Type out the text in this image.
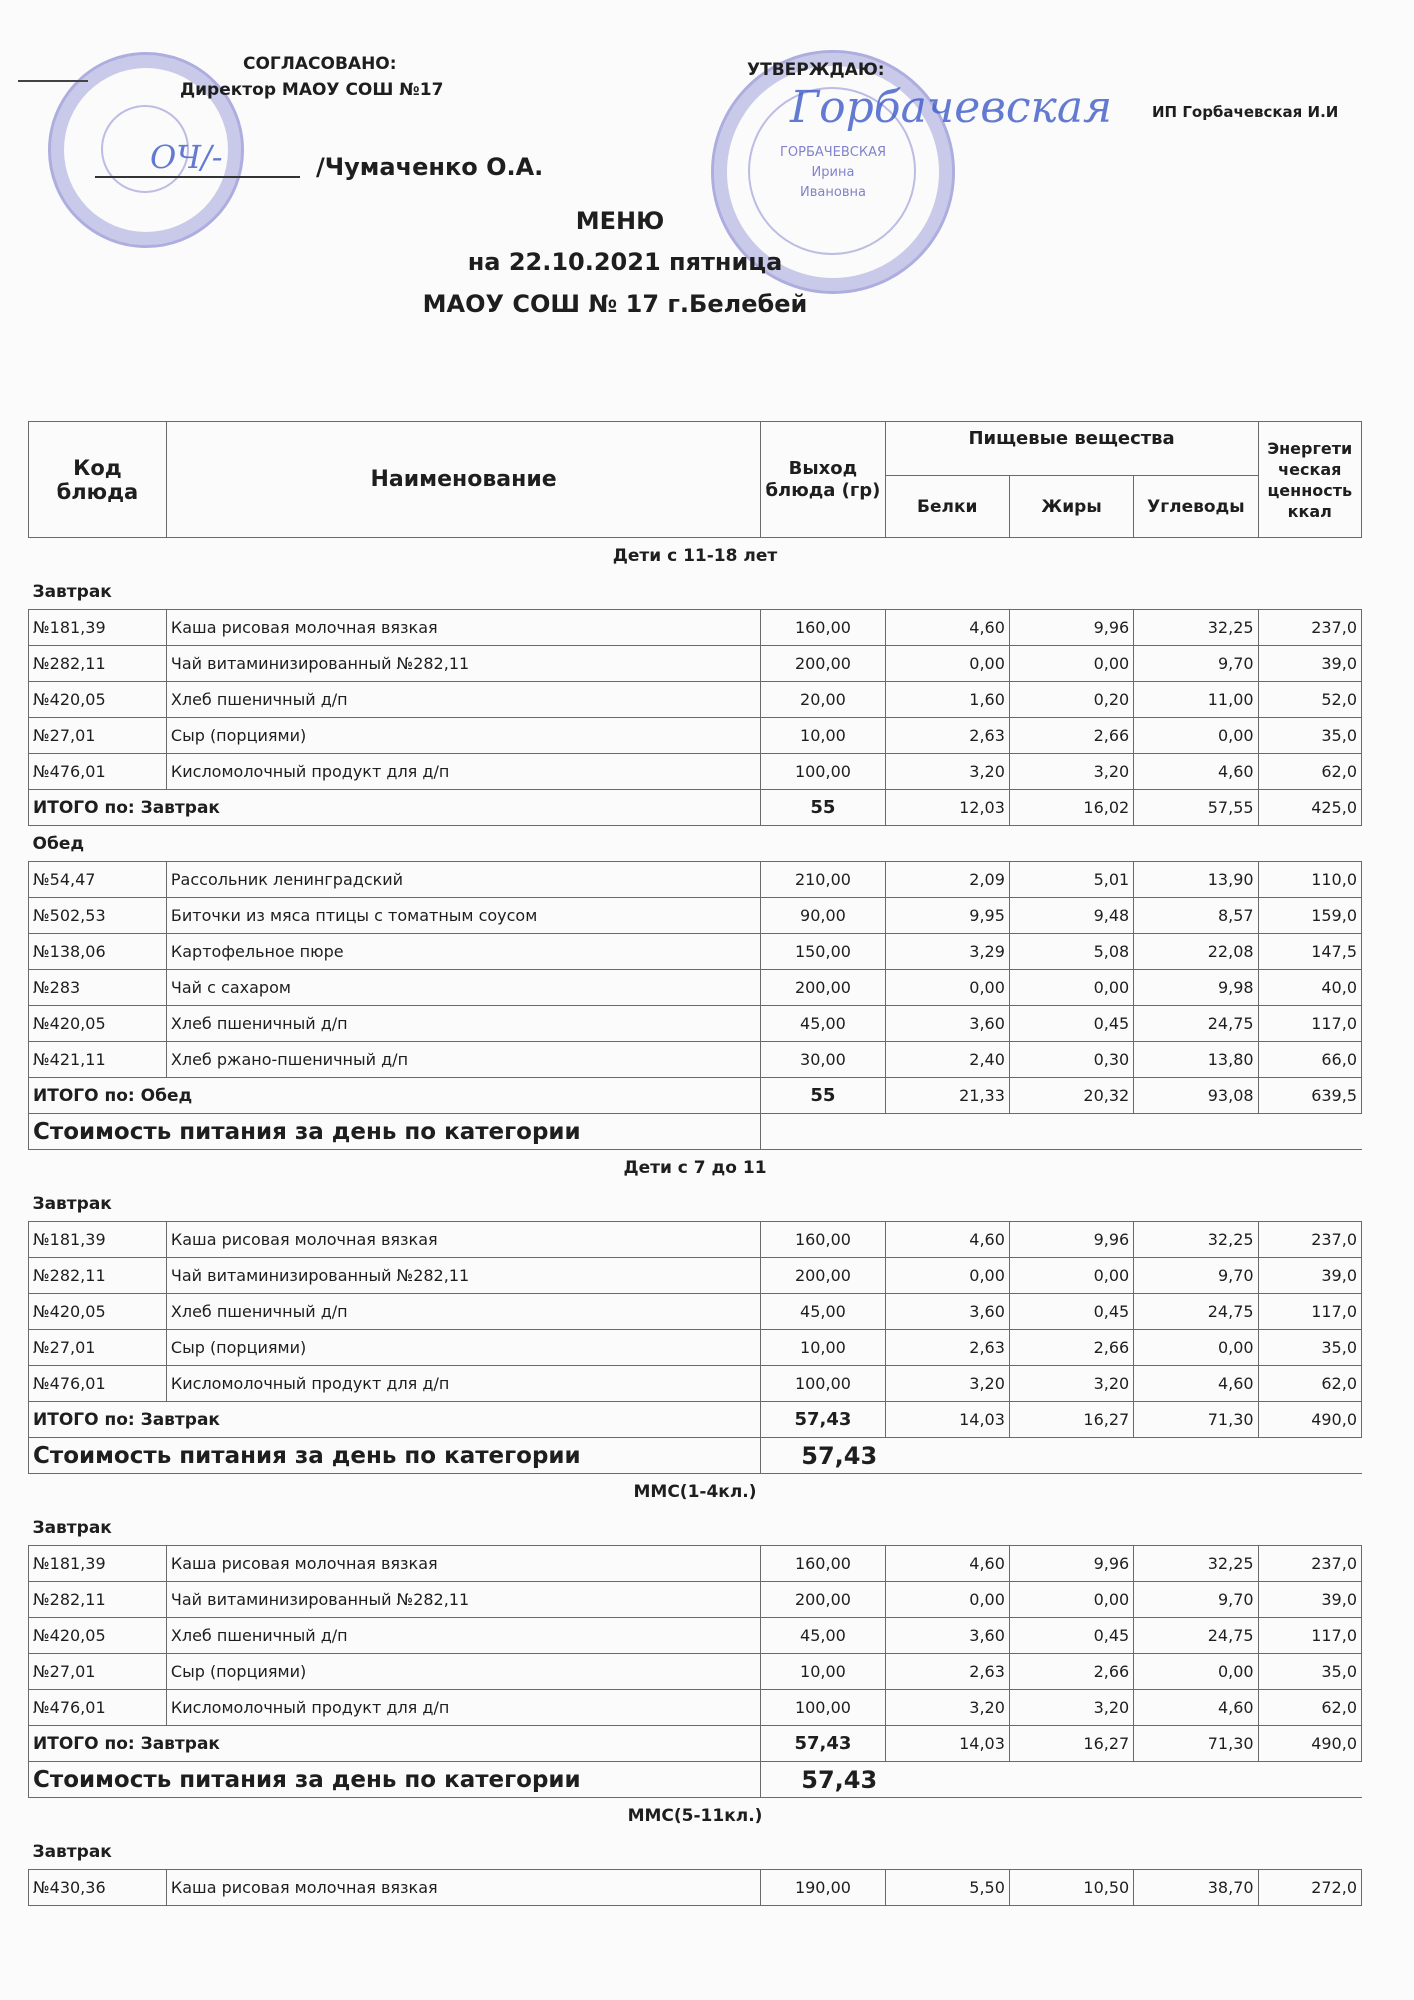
СОГЛАСОВАНО:
Директор МАОУ СОШ №17
ОЧ/-	/Чумаченко О.А.
ГОРБАЧЕВСКАЯ
Ирина
Ивановна
УТВЕРЖДАЮ:
Горбачевская	ИП Горбачевская И.И
МЕНЮ
на 22.10.2021 пятница
МАОУ СОШ № 17 г.Белебей
Код блюда	Наименование	Выход блюда (гр)	Пищевые вещества			Энергети ческая ценность ккал
			Белки	Жиры	Углеводы	
Дети с 11-18 лет						
Завтрак						
№181,39	Каша рисовая молочная вязкая	160,00	4,60	9,96	32,25	237,0
№282,11	Чай витаминизированный №282,11	200,00	0,00	0,00	9,70	39,0
№420,05	Хлеб пшеничный д/п	20,00	1,60	0,20	11,00	52,0
№27,01	Сыр (порциями)	10,00	2,63	2,66	0,00	35,0
№476,01	Кисломолочный продукт для д/п	100,00	3,20	3,20	4,60	62,0
ИТОГО по: Завтрак		55	12,03	16,02	57,55	425,0
Обед						
№54,47	Рассольник ленинградский	210,00	2,09	5,01	13,90	110,0
№502,53	Биточки из мяса птицы с томатным соусом	90,00	9,95	9,48	8,57	159,0
№138,06	Картофельное пюре	150,00	3,29	5,08	22,08	147,5
№283	Чай с сахаром	200,00	0,00	0,00	9,98	40,0
№420,05	Хлеб пшеничный д/п	45,00	3,60	0,45	24,75	117,0
№421,11	Хлеб ржано-пшеничный д/п	30,00	2,40	0,30	13,80	66,0
ИТОГО по: Обед		55	21,33	20,32	93,08	639,5
Стоимость питания за день по категории						
Дети с 7 до 11						
Завтрак						
№181,39	Каша рисовая молочная вязкая	160,00	4,60	9,96	32,25	237,0
№282,11	Чай витаминизированный №282,11	200,00	0,00	0,00	9,70	39,0
№420,05	Хлеб пшеничный д/п	45,00	3,60	0,45	24,75	117,0
№27,01	Сыр (порциями)	10,00	2,63	2,66	0,00	35,0
№476,01	Кисломолочный продукт для д/п	100,00	3,20	3,20	4,60	62,0
ИТОГО по: Завтрак		57,43	14,03	16,27	71,30	490,0
Стоимость питания за день по категории		57,43				
ММС(1-4кл.)						
Завтрак						
№181,39	Каша рисовая молочная вязкая	160,00	4,60	9,96	32,25	237,0
№282,11	Чай витаминизированный №282,11	200,00	0,00	0,00	9,70	39,0
№420,05	Хлеб пшеничный д/п	45,00	3,60	0,45	24,75	117,0
№27,01	Сыр (порциями)	10,00	2,63	2,66	0,00	35,0
№476,01	Кисломолочный продукт для д/п	100,00	3,20	3,20	4,60	62,0
ИТОГО по: Завтрак		57,43	14,03	16,27	71,30	490,0
Стоимость питания за день по категории		57,43				
ММС(5-11кл.)						
Завтрак						
№430,36	Каша рисовая молочная вязкая	190,00	5,50	10,50	38,70	272,0
